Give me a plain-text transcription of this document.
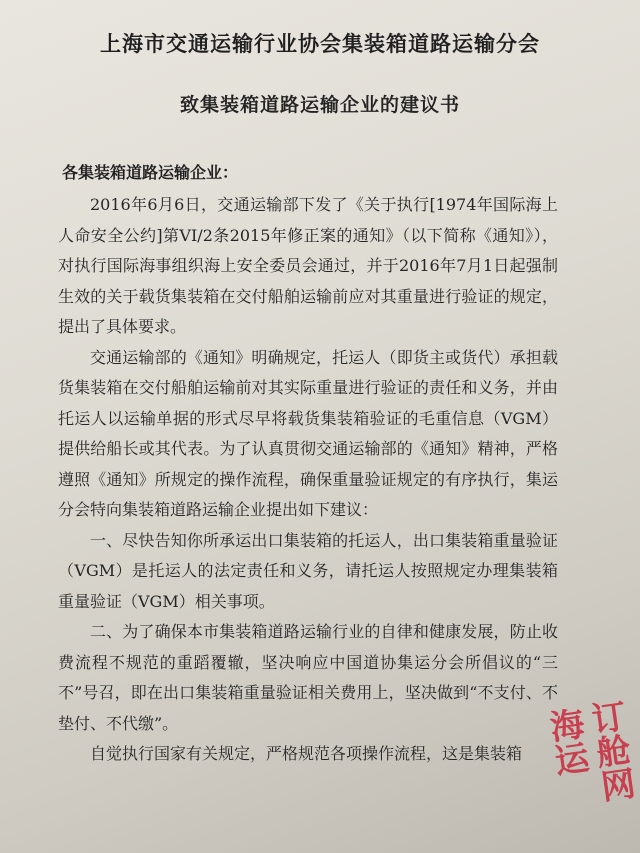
上海市交通运输行业协会集装箱道路运输分会
致集装箱道路运输企业的建议书
各集装箱道路运输企业：

2016年6月6日，交通运输部下发了《关于执行[1974年国际海上人命安全公约]第VI/2条2015年修正案的通知》（以下简称《通知》），对执行国际海事组织海上安全委员会通过，并于2016年7月1日起强制生效的关于载货集装箱在交付船舶运输前应对其重量进行验证的规定，提出了具体要求。

交通运输部的《通知》明确规定，托运人（即货主或货代）承担载货集装箱在交付船舶运输前对其实际重量进行验证的责任和义务，并由托运人以运输单据的形式尽早将载货集装箱验证的毛重信息（VGM）提供给船长或其代表。为了认真贯彻交通运输部的《通知》精神，严格遵照《通知》所规定的操作流程，确保重量验证规定的有序执行，集运分会特向集装箱道路运输企业提出如下建议：

一、尽快告知你所承运出口集装箱的托运人，出口集装箱重量验证（VGM）是托运人的法定责任和义务，请托运人按照规定办理集装箱重量验证（VGM）相关事项。

二、为了确保本市集装箱道路运输行业的自律和健康发展，防止收费流程不规范的重蹈覆辙，坚决响应中国道协集运分会所倡议的“三不”号召，即在出口集装箱重量验证相关费用上，坚决做到“不支付、不垫付、不代缴”。

自觉执行国家有关规定，严格规范各项操作流程，这是集装箱	订舱网
海运
